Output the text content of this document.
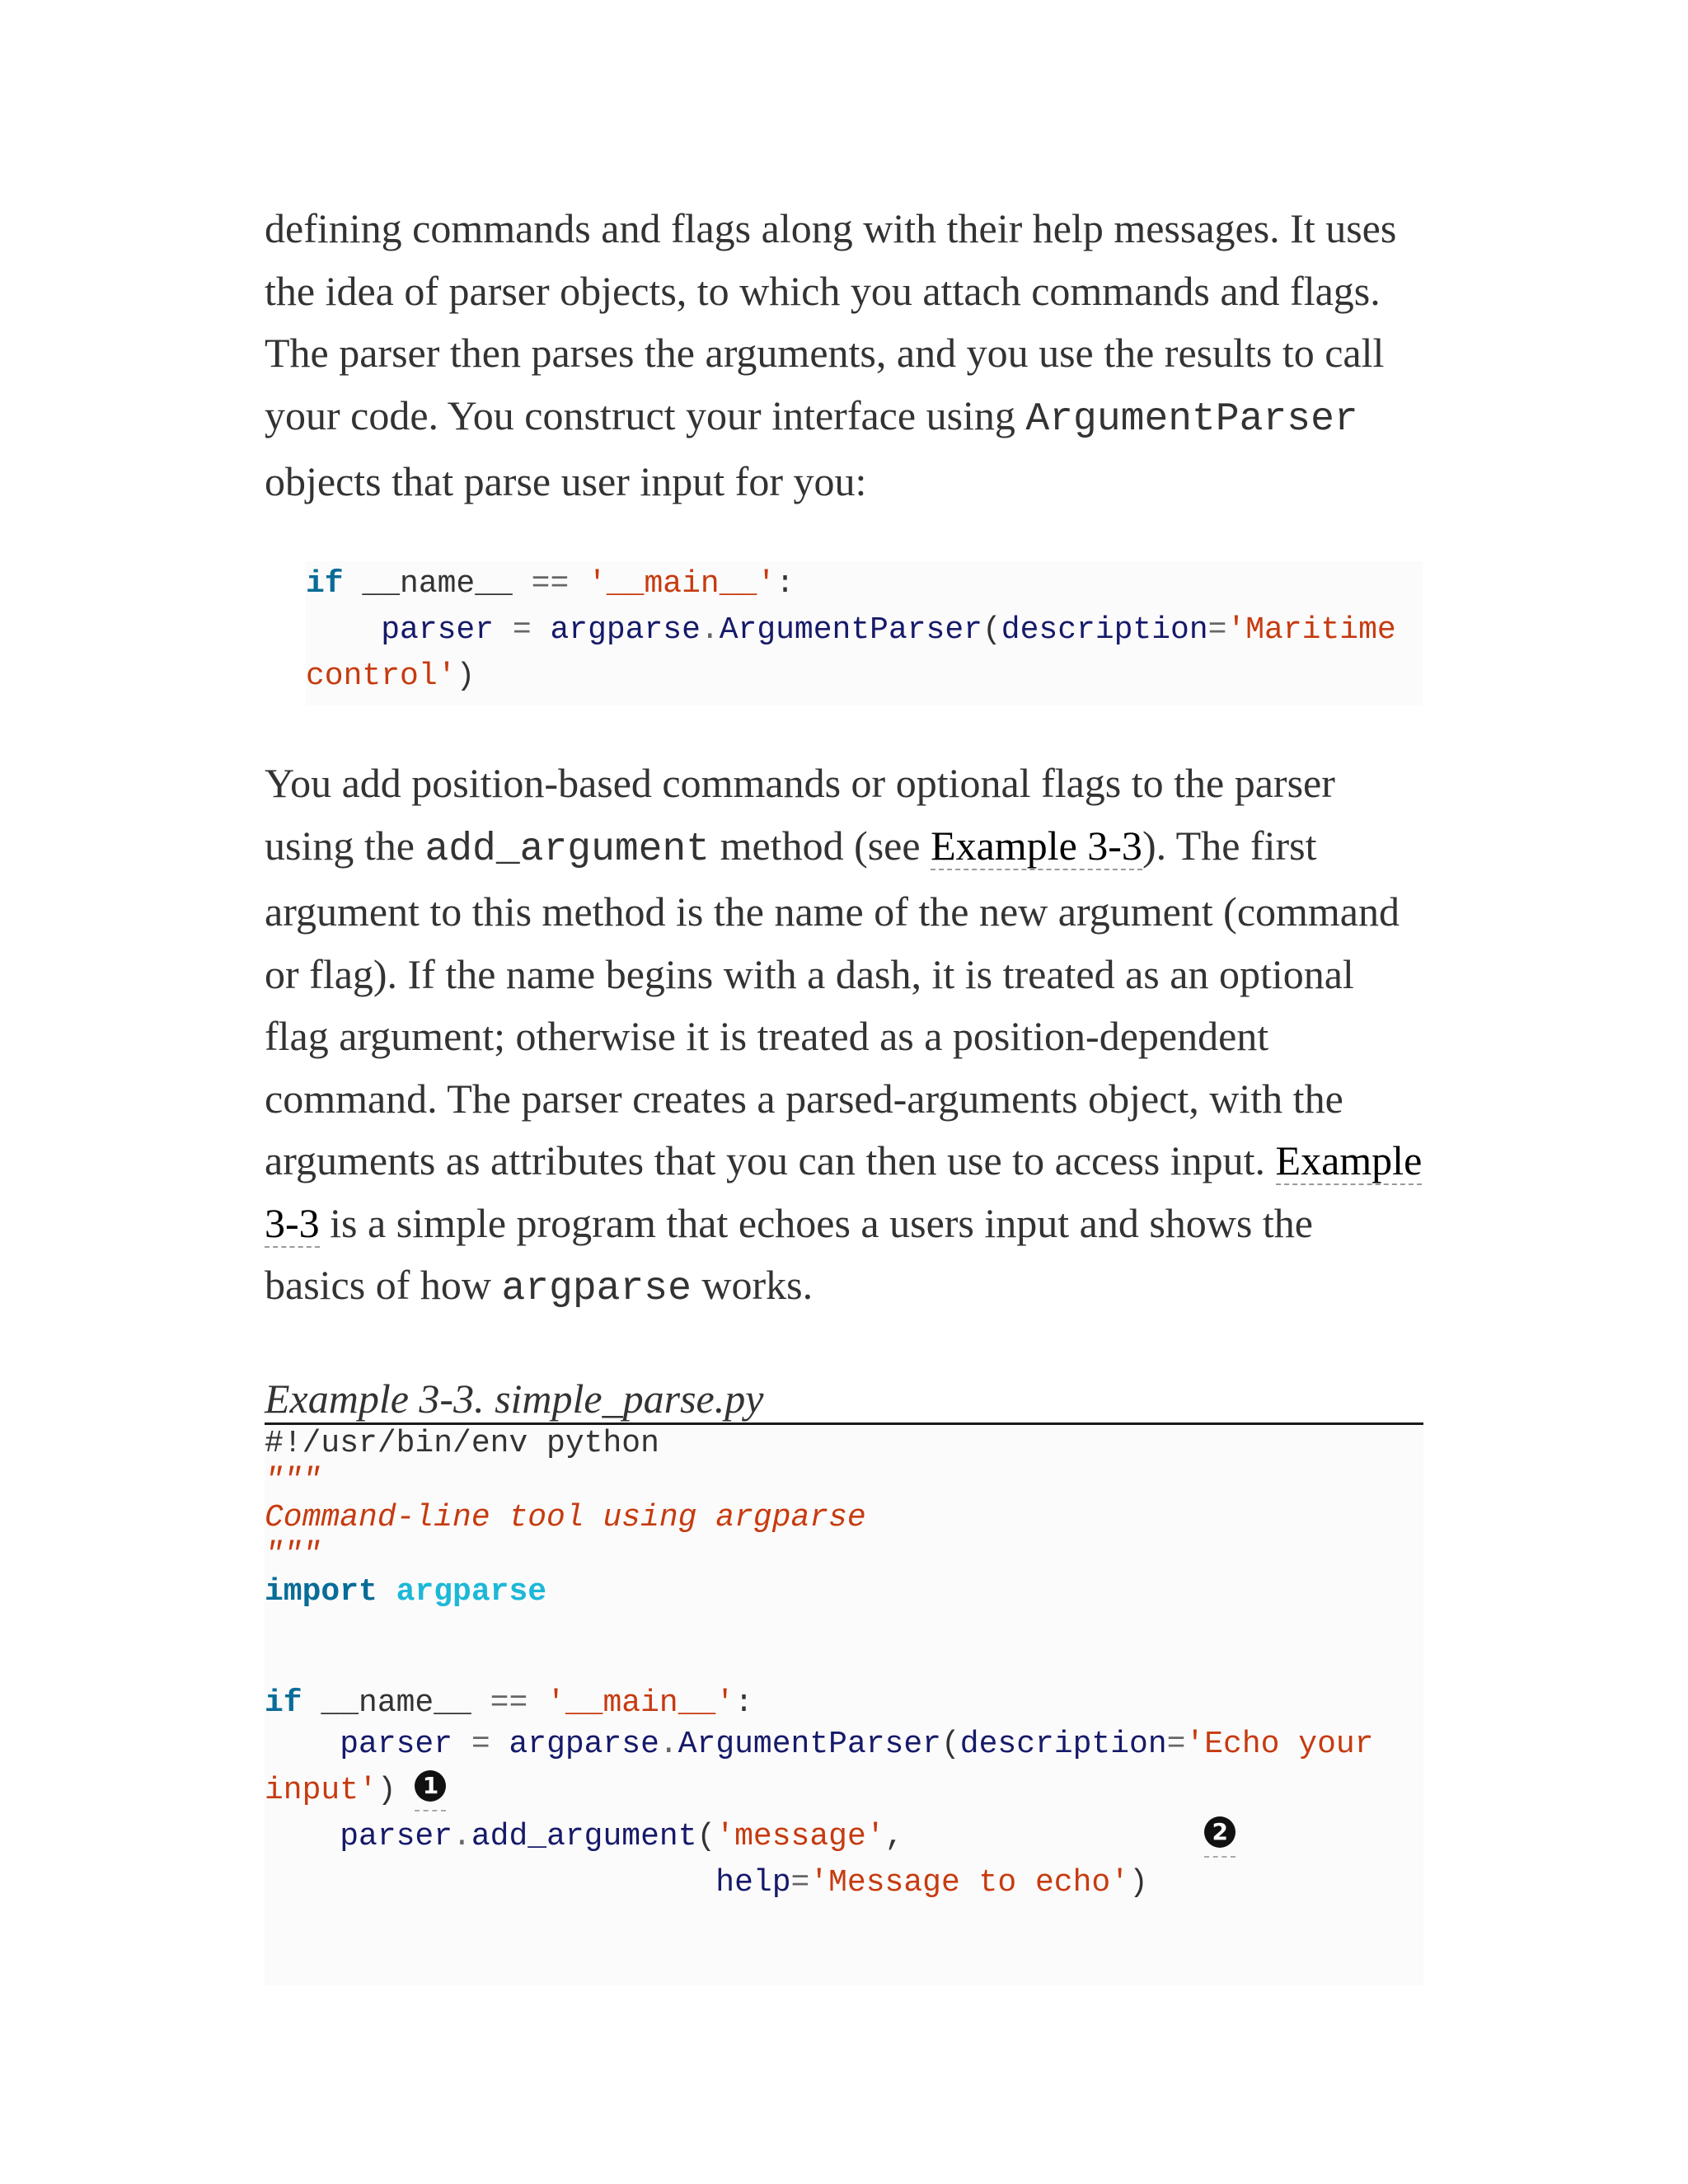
defining commands and flags along with their help messages. It uses the idea of parser objects, to which you attach commands and flags. The parser then parses the arguments, and you use the results to call your code. You construct your interface using ArgumentParser objects that parse user input for you:

if __name__ == '__main__':
parser = argparse.ArgumentParser(description='Maritime control')

You add position-based commands or optional flags to the parser using the add_argument method (see Example 3-3). The first argument to this method is the name of the new argument (command or flag). If the name begins with a dash, it is treated as an optional flag argument; otherwise it is treated as a position-dependent command. The parser creates a parsed-arguments object, with the arguments as attributes that you can then use to access input. Example 3-3 is a simple program that echoes a users input and shows the basics of how argparse works.

Example 3-3. simple_parse.py
#!/usr/bin/env python
"""
Command-line tool using argparse
"""
import argparse

if __name__ == '__main__':
parser = argparse.ArgumentParser(description='Echo your input') 1
parser.add_argument('message',	2
help='Message to echo')
